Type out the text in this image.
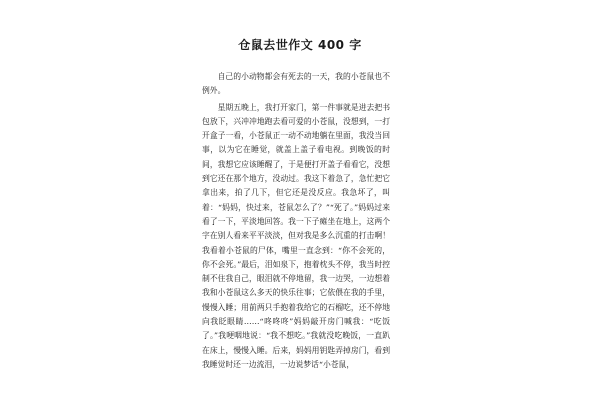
仓鼠去世作文 400 字

自己的小动物都会有死去的一天，我的小苍鼠也不例外。

星期五晚上，我打开家门，第一件事就是进去把书包放下，兴冲冲地跑去看可爱的小苍鼠，没想到，一打开盒子一看，小苍鼠正一动不动地躺在里面，我没当回事，以为它在睡觉，就盖上盖子看电视。到晚饭的时间，我想它应该睡醒了，于是便打开盖子看看它，没想到它还在那个地方，没动过。我这下着急了，急忙把它拿出来，拍了几下，但它还是没反应。我急坏了，叫着：“妈妈，快过来，苍鼠怎么了？”“死了。”妈妈过来看了一下，平淡地回答。我一下子瘫坐在地上，这两个字在别人看来平平淡淡，但对我是多么沉重的打击啊！我看着小苍鼠的尸体，嘴里一直念到：“你不会死的，你不会死。”最后，泪如泉下，抱着枕头不停，我当时控制不住我自己，眼泪就不停地留，我一边哭，一边想着我和小苍鼠这么多天的快乐往事；它依偎在我的手里，慢慢入睡；用前两只手抱着我给它的石榴吃，还不停地向我眨眼睛……“咚咚咚”妈妈敲开房门喊我：“吃饭了。”我哽咽地说：“我不想吃。”我就没吃晚饭，一直趴在床上，慢慢入睡。后来，妈妈用钥匙弄掉房门，看到我睡觉时还一边流泪，一边说梦话“小苍鼠，
